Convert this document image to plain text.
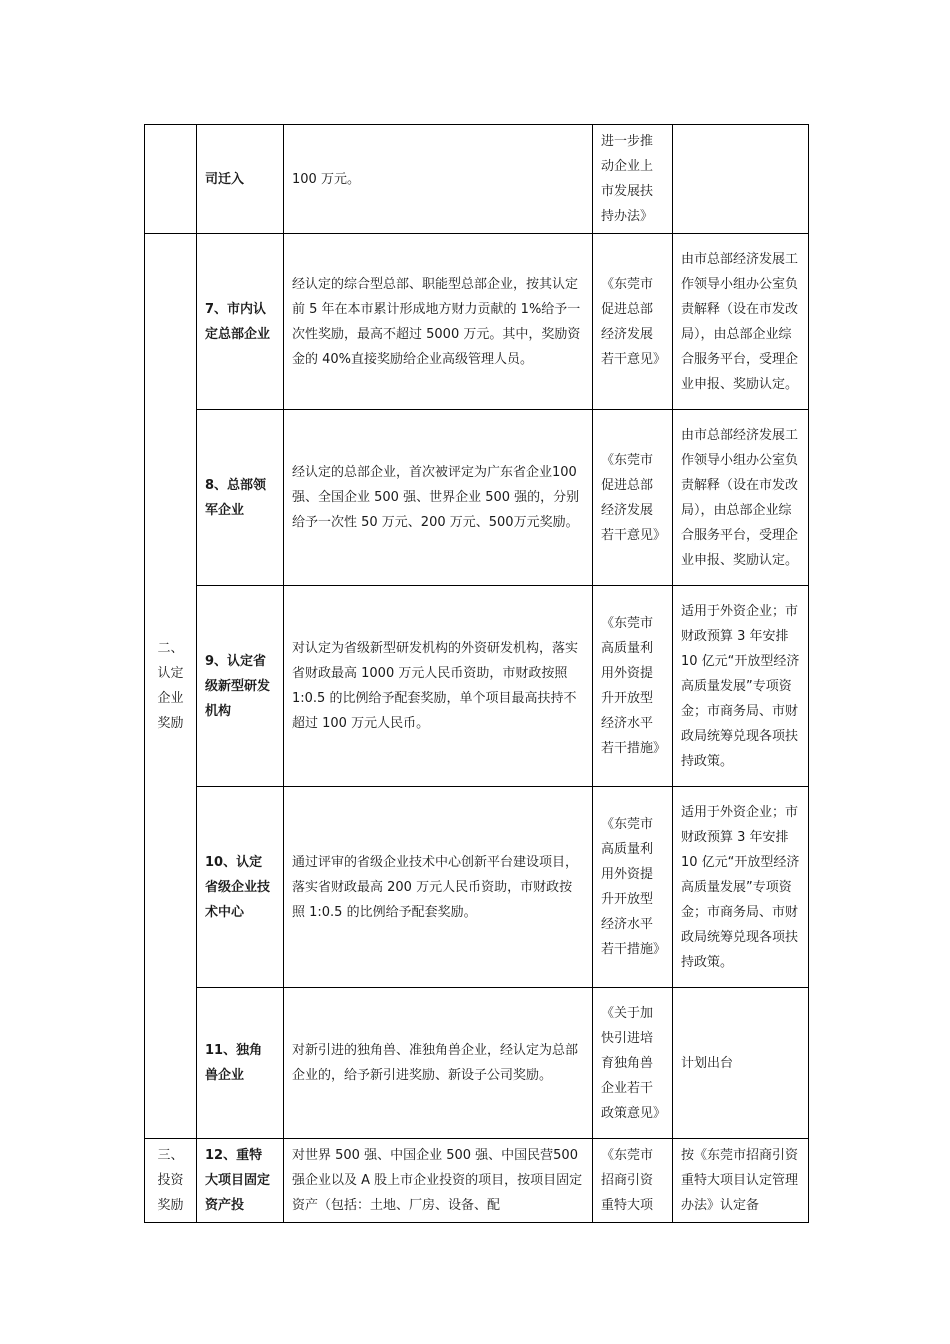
	司迁入	100 万元。	进一步推动企业上市发展扶持办法》	
二、认定企业奖励	7、市内认定总部企业	经认定的综合型总部、职能型总部企业，按其认定前 5 年在本市累计形成地方财力贡献的 1%给予一次性奖励，最高不超过 5000 万元。其中，奖励资金的 40%直接奖励给企业高级管理人员。	《东莞市促进总部经济发展若干意见》	由市总部经济发展工作领导小组办公室负责解释（设在市发改局），由总部企业综合服务平台，受理企业申报、奖励认定。
	8、总部领军企业	经认定的总部企业，首次被评定为广东省企业100 强、全国企业 500 强、世界企业 500 强的，分别给予一次性 50 万元、200 万元、500万元奖励。	《东莞市促进总部经济发展若干意见》	由市总部经济发展工作领导小组办公室负责解释（设在市发改局），由总部企业综合服务平台，受理企业申报、奖励认定。
	9、认定省级新型研发机构	对认定为省级新型研发机构的外资研发机构，落实省财政最高 1000 万元人民币资助，市财政按照 1:0.5 的比例给予配套奖励，单个项目最高扶持不超过 100 万元人民币。	《东莞市高质量利用外资提升开放型经济水平若干措施》	适用于外资企业；市财政预算 3 年安排 10 亿元“开放型经济高质量发展”专项资金；市商务局、市财政局统筹兑现各项扶持政策。
	10、认定省级企业技术中心	通过评审的省级企业技术中心创新平台建设项目，落实省财政最高 200 万元人民币资助，市财政按照 1:0.5 的比例给予配套奖励。	《东莞市高质量利用外资提升开放型经济水平若干措施》	适用于外资企业；市财政预算 3 年安排 10 亿元“开放型经济高质量发展”专项资金；市商务局、市财政局统筹兑现各项扶持政策。
	11、独角兽企业	对新引进的独角兽、准独角兽企业，经认定为总部企业的，给予新引进奖励、新设子公司奖励。	《关于加快引进培育独角兽企业若干政策意见》	计划出台
三、投资奖励	12、重特大项目固定资产投	对世界 500 强、中国企业 500 强、中国民营500 强企业以及 A 股上市企业投资的项目，按项目固定资产（包括：土地、厂房、设备、配	《东莞市招商引资重特大项	按《东莞市招商引资重特大项目认定管理办法》认定备
